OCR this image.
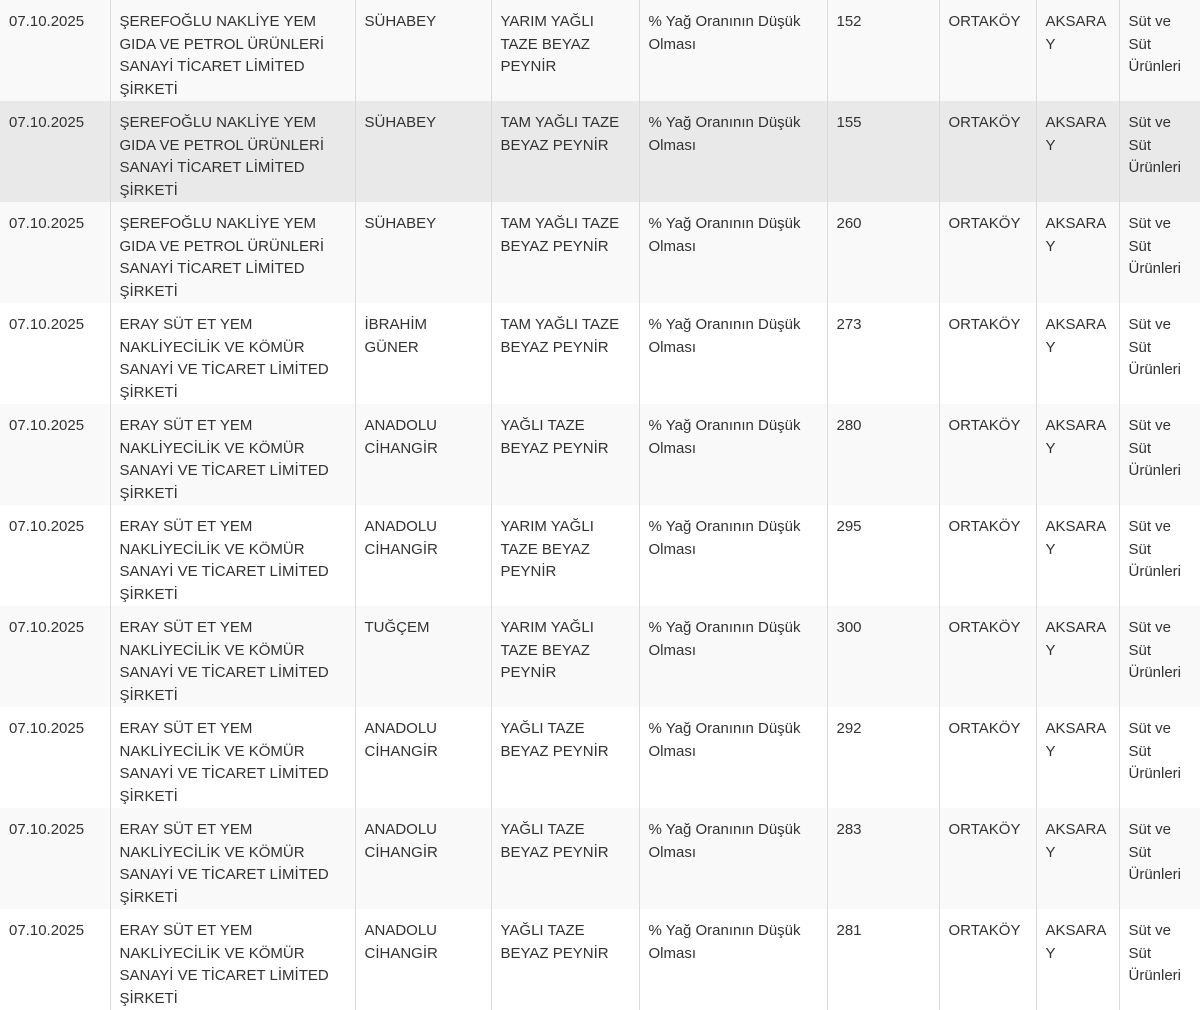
07.10.2025	ŞEREFOĞLU NAKLİYE YEM GIDA VE PETROL ÜRÜNLERİ SANAYİ TİCARET LİMİTED ŞİRKETİ	SÜHABEY	YARIM YAĞLI TAZE BEYAZ PEYNİR	% Yağ Oranının Düşük Olması	152	ORTAKÖY	AKSARAY	Süt ve Süt Ürünleri
07.10.2025	ŞEREFOĞLU NAKLİYE YEM GIDA VE PETROL ÜRÜNLERİ SANAYİ TİCARET LİMİTED ŞİRKETİ	SÜHABEY	TAM YAĞLI TAZE BEYAZ PEYNİR	% Yağ Oranının Düşük Olması	155	ORTAKÖY	AKSARAY	Süt ve Süt Ürünleri
07.10.2025	ŞEREFOĞLU NAKLİYE YEM GIDA VE PETROL ÜRÜNLERİ SANAYİ TİCARET LİMİTED ŞİRKETİ	SÜHABEY	TAM YAĞLI TAZE BEYAZ PEYNİR	% Yağ Oranının Düşük Olması	260	ORTAKÖY	AKSARAY	Süt ve Süt Ürünleri
07.10.2025	ERAY SÜT ET YEM NAKLİYECİLİK VE KÖMÜR SANAYİ VE TİCARET LİMİTED ŞİRKETİ	İBRAHİM GÜNER	TAM YAĞLI TAZE BEYAZ PEYNİR	% Yağ Oranının Düşük Olması	273	ORTAKÖY	AKSARAY	Süt ve Süt Ürünleri
07.10.2025	ERAY SÜT ET YEM NAKLİYECİLİK VE KÖMÜR SANAYİ VE TİCARET LİMİTED ŞİRKETİ	ANADOLU CİHANGİR	YAĞLI TAZE BEYAZ PEYNİR	% Yağ Oranının Düşük Olması	280	ORTAKÖY	AKSARAY	Süt ve Süt Ürünleri
07.10.2025	ERAY SÜT ET YEM NAKLİYECİLİK VE KÖMÜR SANAYİ VE TİCARET LİMİTED ŞİRKETİ	ANADOLU CİHANGİR	YARIM YAĞLI TAZE BEYAZ PEYNİR	% Yağ Oranının Düşük Olması	295	ORTAKÖY	AKSARAY	Süt ve Süt Ürünleri
07.10.2025	ERAY SÜT ET YEM NAKLİYECİLİK VE KÖMÜR SANAYİ VE TİCARET LİMİTED ŞİRKETİ	TUĞÇEM	YARIM YAĞLI TAZE BEYAZ PEYNİR	% Yağ Oranının Düşük Olması	300	ORTAKÖY	AKSARAY	Süt ve Süt Ürünleri
07.10.2025	ERAY SÜT ET YEM NAKLİYECİLİK VE KÖMÜR SANAYİ VE TİCARET LİMİTED ŞİRKETİ	ANADOLU CİHANGİR	YAĞLI TAZE BEYAZ PEYNİR	% Yağ Oranının Düşük Olması	292	ORTAKÖY	AKSARAY	Süt ve Süt Ürünleri
07.10.2025	ERAY SÜT ET YEM NAKLİYECİLİK VE KÖMÜR SANAYİ VE TİCARET LİMİTED ŞİRKETİ	ANADOLU CİHANGİR	YAĞLI TAZE BEYAZ PEYNİR	% Yağ Oranının Düşük Olması	283	ORTAKÖY	AKSARAY	Süt ve Süt Ürünleri
07.10.2025	ERAY SÜT ET YEM NAKLİYECİLİK VE KÖMÜR SANAYİ VE TİCARET LİMİTED ŞİRKETİ	ANADOLU CİHANGİR	YAĞLI TAZE BEYAZ PEYNİR	% Yağ Oranının Düşük Olması	281	ORTAKÖY	AKSARAY	Süt ve Süt Ürünleri
